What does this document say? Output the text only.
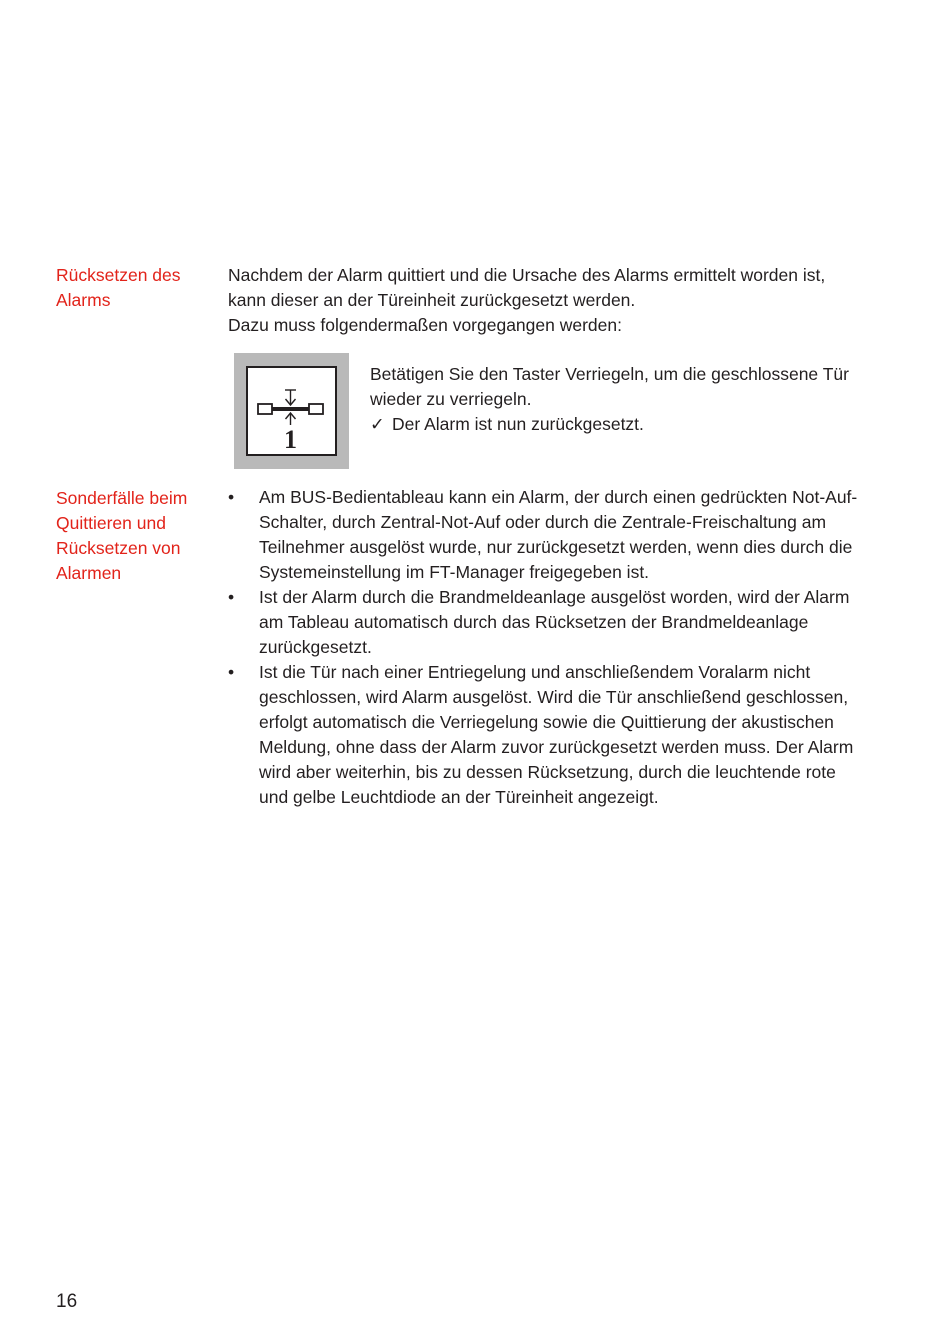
Rücksetzen des
Alarms
Nachdem der Alarm quittiert und die Ursache des Alarms ermittelt worden ist,
kann dieser an der Türeinheit zurückgesetzt werden.
Dazu muss folgendermaßen vorgegangen werden:
1
Betätigen Sie den Taster Verriegeln, um die geschlossene Tür
wieder zu verriegeln.
✓ Der Alarm ist nun zurückgesetzt.
Sonderfälle beim
Quittieren und
Rücksetzen von
Alarmen
• Am BUS-Bedientableau kann ein Alarm, der durch einen gedrückten Not-Auf-
Schalter, durch Zentral-Not-Auf oder durch die Zentrale-Freischaltung am
Teilnehmer ausgelöst wurde, nur zurückgesetzt werden, wenn dies durch die
Systemeinstellung im FT-Manager freigegeben ist.
• Ist der Alarm durch die Brandmeldeanlage ausgelöst worden, wird der Alarm
am Tableau automatisch durch das Rücksetzen der Brandmeldeanlage
zurückgesetzt.
• Ist die Tür nach einer Entriegelung und anschließendem Voralarm nicht
geschlossen, wird Alarm ausgelöst. Wird die Tür anschließend geschlossen,
erfolgt automatisch die Verriegelung sowie die Quittierung der akustischen
Meldung, ohne dass der Alarm zuvor zurückgesetzt werden muss. Der Alarm
wird aber weiterhin, bis zu dessen Rücksetzung, durch die leuchtende rote
und gelbe Leuchtdiode an der Türeinheit angezeigt.
16
